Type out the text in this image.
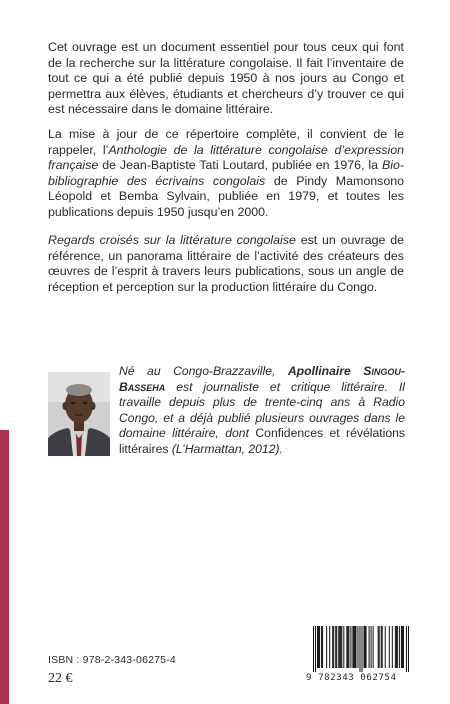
Cet ouvrage est un document essentiel pour tous ceux qui font de la recherche sur la littérature congolaise. Il fait l’inventaire de tout ce qui a été publié depuis 1950 à nos jours au Congo et permettra aux élèves, étudiants et chercheurs d’y trouver ce qui est nécessaire dans le domaine littéraire.

La mise à jour de ce répertoire complète, il convient de le rappeler, l’Anthologie de la littérature congolaise d’expression française de Jean-Baptiste Tati Loutard, publiée en 1976, la Bio-bibliographie des écrivains congolais de Pindy Mamonsono Léopold et Bemba Sylvain, publiée en 1979, et toutes les publications depuis 1950 jusqu’en 2000.

Regards croisés sur la littérature congolaise est un ouvrage de référence, un panorama littéraire de l’activité des créateurs des œuvres de l’esprit à travers leurs publications, sous un angle de réception et perception sur la production littéraire du Congo.

Né au Congo-Brazzaville, Apollinaire Singou-Basseha est journaliste et critique littéraire. Il travaille depuis plus de trente-cinq ans à Radio Congo, et a déjà publié plusieurs ouvrages dans le domaine littéraire, dont Confidences et révélations littéraires (L’Harmattan, 2012).

ISBN : 978-2-343-06275-4
22 €	9 782343 062754
